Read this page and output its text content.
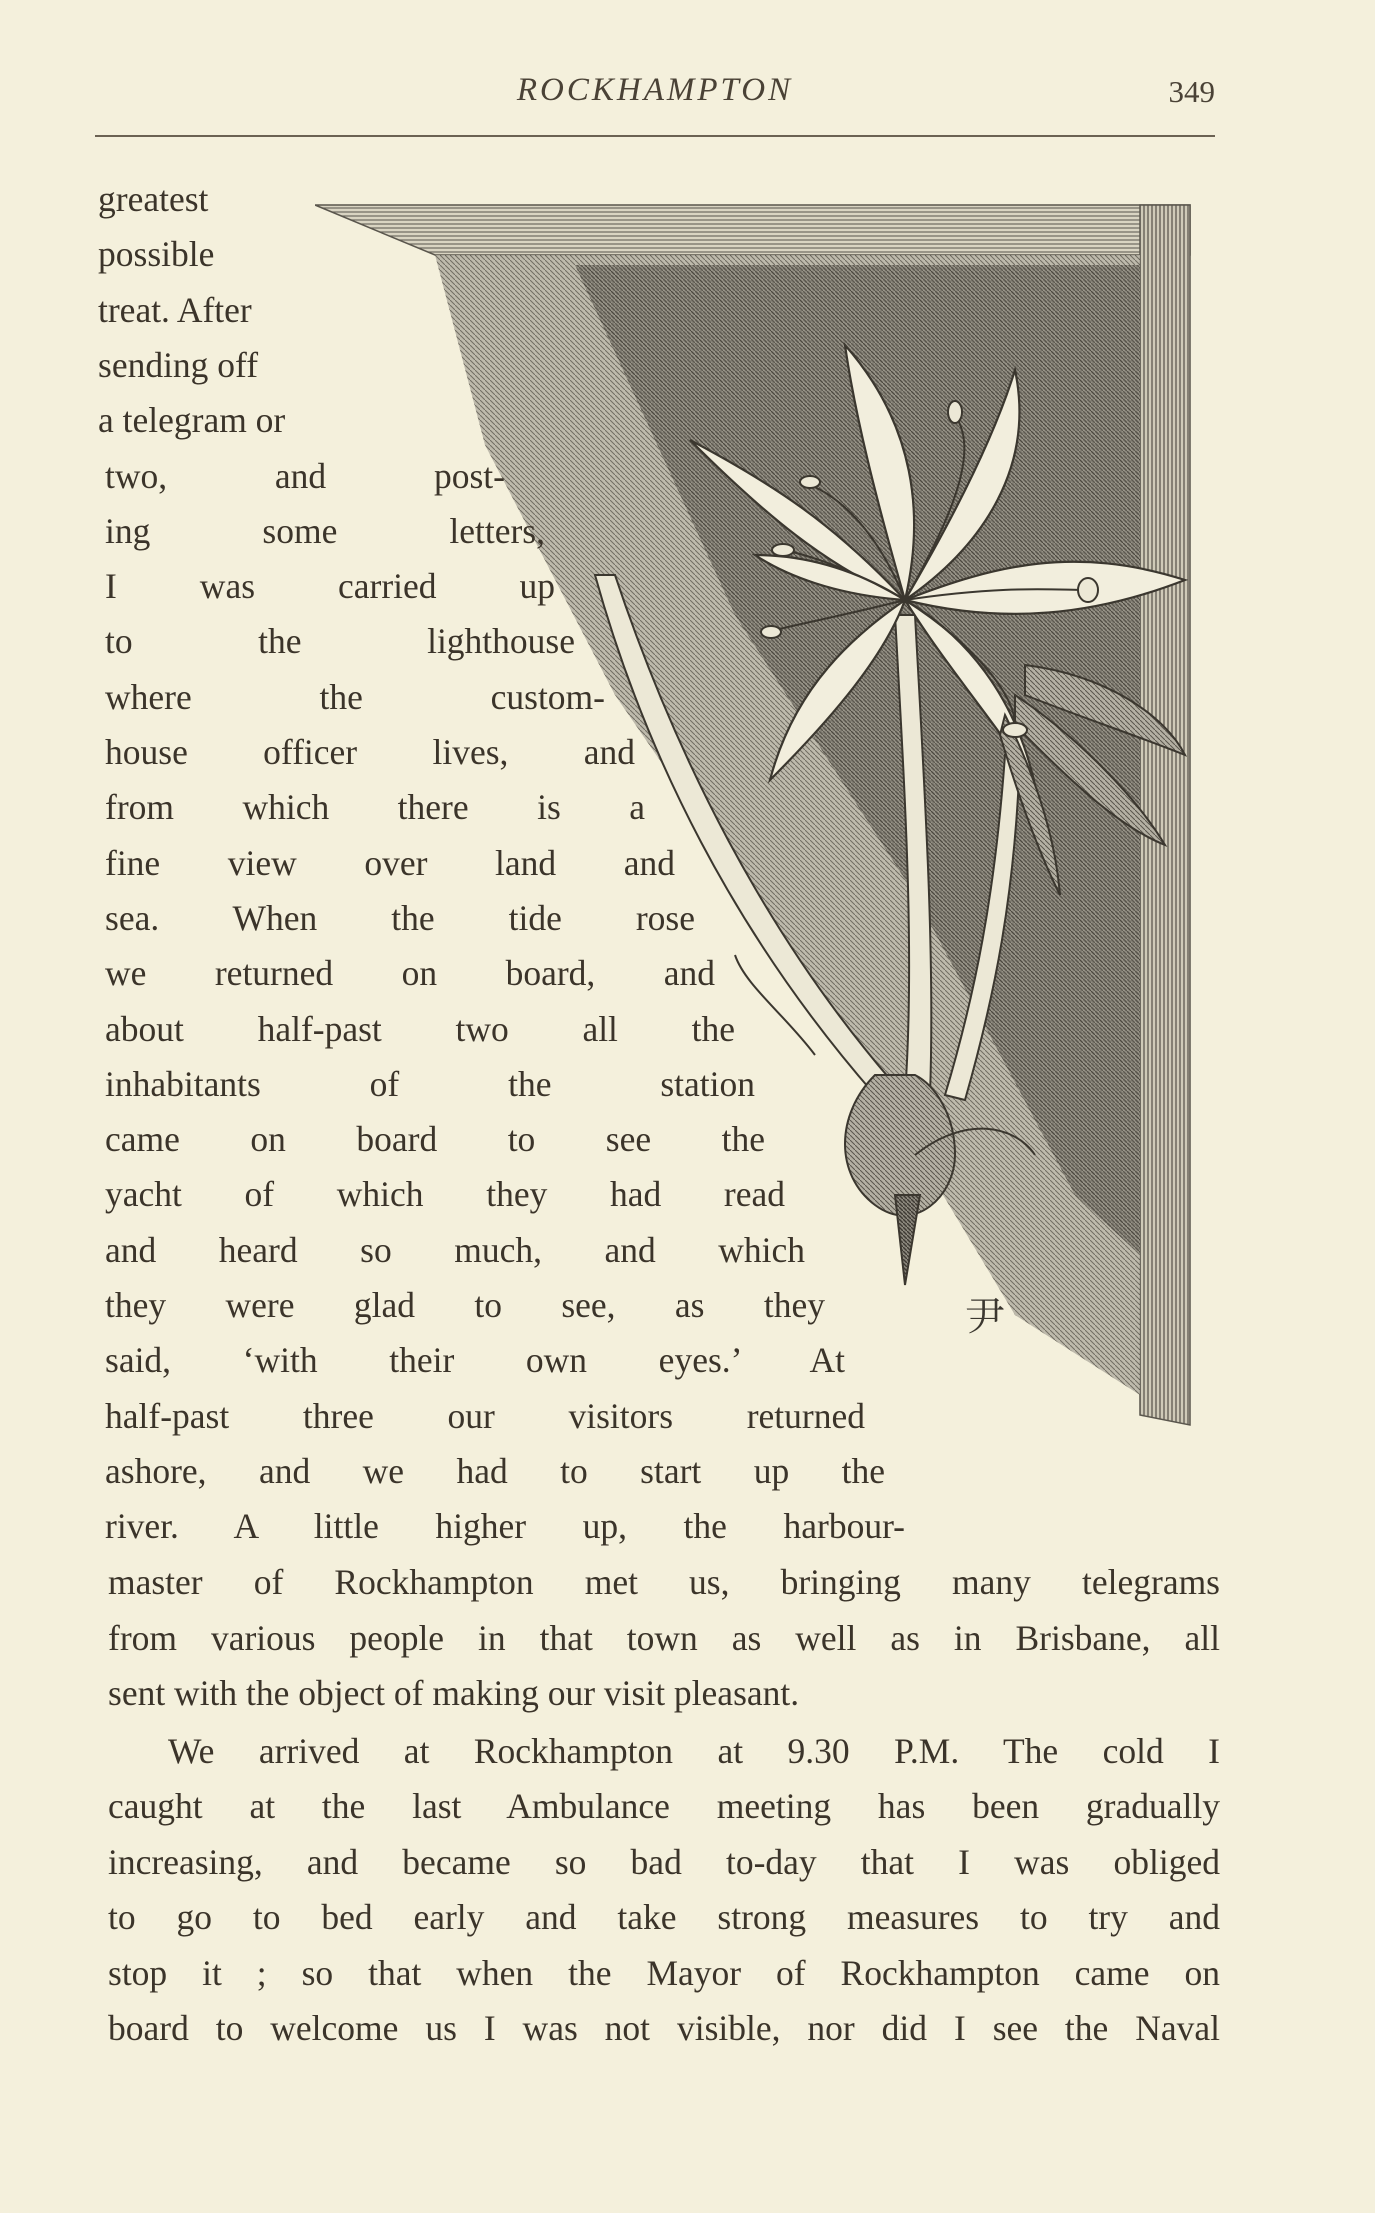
ROCKHAMPTON	349
尹
greatest
possible
treat. After
sending off
a telegram or
two, and post-
ing some letters,
I was carried up
to the lighthouse
where the custom-
house officer lives, and
from which there is a
fine view over land and
sea. When the tide rose
we returned on board, and
about half-past two all the
inhabitants of the station
came on board to see the
yacht of which they had read
and heard so much, and which
they were glad to see, as they
said, ‘with their own eyes.’ At
half-past three our visitors returned
ashore, and we had to start up the
river. A little higher up, the harbour-
master of Rockhampton met us, bringing many telegrams
from various people in that town as well as in Brisbane, all
sent with the object of making our visit pleasant.
We arrived at Rockhampton at 9.30 P.M. The cold I
caught at the last Ambulance meeting has been gradually
increasing, and became so bad to-day that I was obliged
to go to bed early and take strong measures to try and
stop it ; so that when the Mayor of Rockhampton came on
board to welcome us I was not visible, nor did I see the Naval
